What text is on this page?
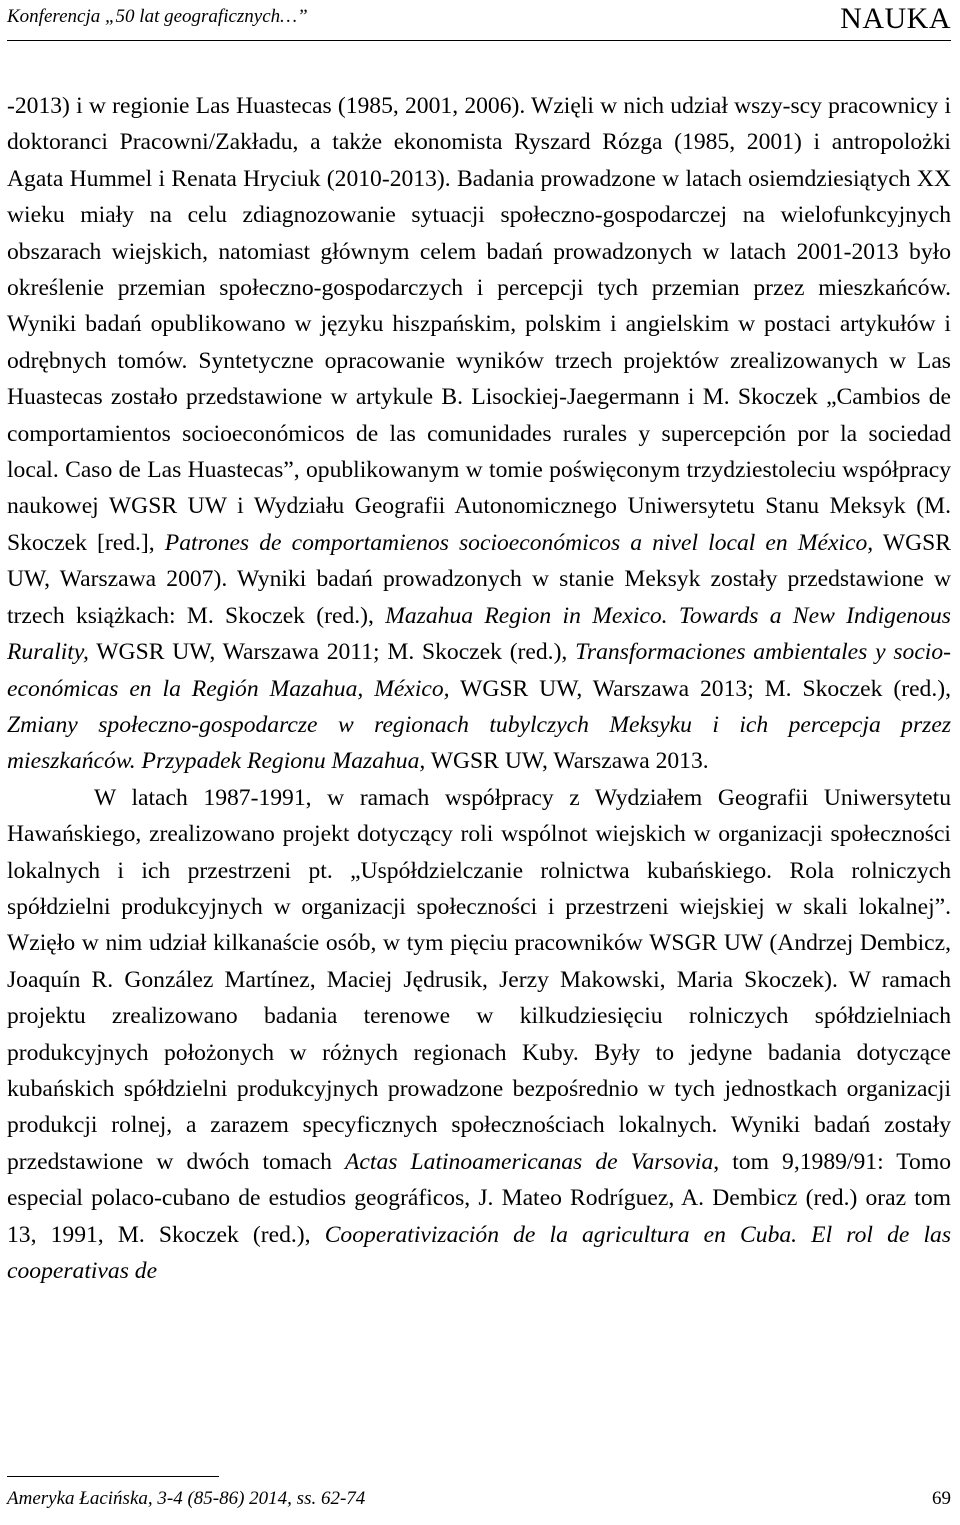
Konferencja „50 lat geograficznych…”	NAUKA

-2013) i w regionie Las Huastecas (1985, 2001, 2006). Wzięli w nich udział wszy-scy pracownicy i doktoranci Pracowni/Zakładu, a także ekonomista Ryszard Rózga (1985, 2001) i antropolożki Agata Hummel i Renata Hryciuk (2010-2013). Badania prowadzone w latach osiemdziesiątych XX wieku miały na celu zdiagnozowanie sytuacji społeczno-gospodarczej na wielofunkcyjnych obszarach wiejskich, natomiast głównym celem badań prowadzonych w latach 2001-2013 było określenie przemian społeczno-gospodarczych i percepcji tych przemian przez mieszkańców. Wyniki badań opublikowano w języku hiszpańskim, polskim i angielskim w postaci artykułów i odrębnych tomów. Syntetyczne opracowanie wyników trzech projektów zrealizowanych w Las Huastecas zostało przedstawione w artykule B. Lisockiej-Jaegermann i M. Skoczek „Cambios de comportamientos socioeconómicos de las comunidades rurales y supercepción por la sociedad local. Caso de Las Huastecas”, opublikowanym w tomie poświęconym trzydziestoleciu współpracy naukowej WGSR UW i Wydziału Geografii Autonomicznego Uniwersytetu Stanu Meksyk (M. Skoczek [red.], Patrones de comportamienos socioeconómicos a nivel local en México, WGSR UW, Warszawa 2007). Wyniki badań prowadzonych w stanie Meksyk zostały przedstawione w trzech książkach: M. Skoczek (red.), Mazahua Region in Mexico. Towards a New Indigenous Rurality, WGSR UW, Warszawa 2011; M. Skoczek (red.), Transformaciones ambientales y socio-económicas en la Región Mazahua, México, WGSR UW, Warszawa 2013; M. Skoczek (red.), Zmiany społeczno-gospodarcze w regionach tubylczych Meksyku i ich percepcja przez mieszkańców. Przypadek Regionu Mazahua, WGSR UW, Warszawa 2013.

W latach 1987-1991, w ramach współpracy z Wydziałem Geografii Uniwersytetu Hawańskiego, zrealizowano projekt dotyczący roli wspólnot wiejskich w organizacji społeczności lokalnych i ich przestrzeni pt. „Uspółdzielczanie rolnictwa kubańskiego. Rola rolniczych spółdzielni produkcyjnych w organizacji społeczności i przestrzeni wiejskiej w skali lokalnej”. Wzięło w nim udział kilkanaście osób, w tym pięciu pracowników WSGR UW (Andrzej Dembicz, Joaquín R. González Martínez, Maciej Jędrusik, Jerzy Makowski, Maria Skoczek). W ramach projektu zrealizowano badania terenowe w kilkudziesięciu rolniczych spółdzielniach produkcyjnych położonych w różnych regionach Kuby. Były to jedyne badania dotyczące kubańskich spółdzielni produkcyjnych prowadzone bezpośrednio w tych jednostkach organizacji produkcji rolnej, a zarazem specyficznych społecznościach lokalnych. Wyniki badań zostały przedstawione w dwóch tomach Actas Latinoamericanas de Varsovia, tom 9,1989/91: Tomo especial polaco-cubano de estudios geográficos, J. Mateo Rodríguez, A. Dembicz (red.) oraz tom 13, 1991, M. Skoczek (red.), Cooperativización de la agricultura en Cuba. El rol de las cooperativas de

Ameryka Łacińska, 3-4 (85-86) 2014, ss. 62-74	69
